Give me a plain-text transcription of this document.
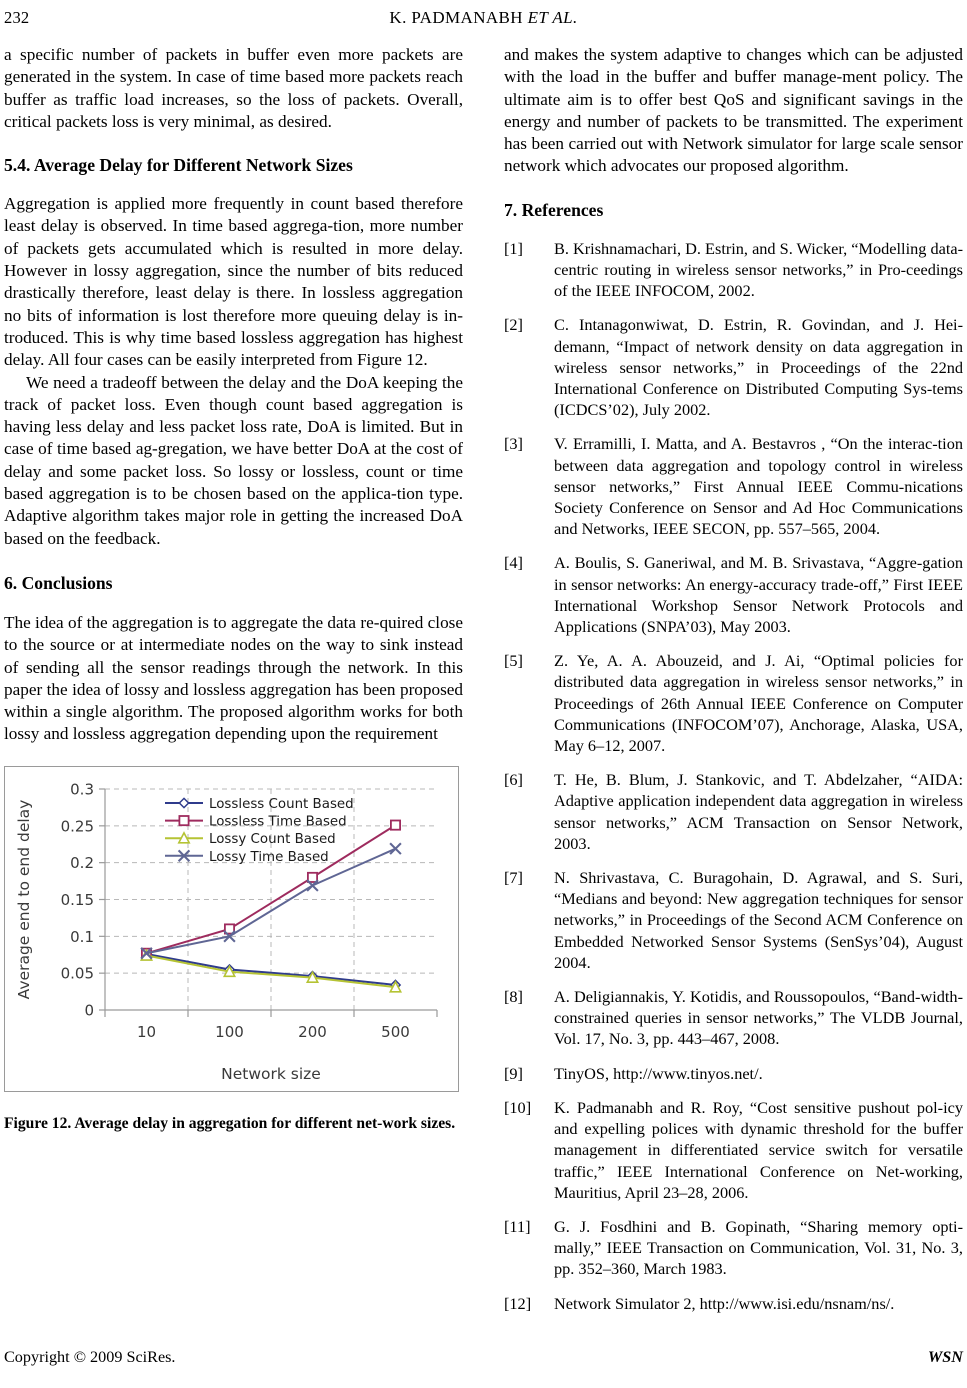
232	K. PADMANABH ET AL.

a specific number of packets in buffer even more packets are generated in the system. In case of time based more packets reach buffer as traffic load increases, so the loss of packets. Overall, critical packets loss is very minimal, as desired.

5.4. Average Delay for Different Network Sizes

Aggregation is applied more frequently in count based therefore least delay is observed. In time based aggrega-tion, more number of packets gets accumulated which is resulted in more delay. However in lossy aggregation, since the number of bits reduced drastically therefore, least delay is there. In lossless aggregation no bits of information is lost therefore more queuing delay is in-troduced. This is why time based lossless aggregation has highest delay. All four cases can be easily interpreted from Figure 12.

We need a tradeoff between the delay and the DoA keeping the track of packet loss. Even though count based aggregation is having less delay and less packet loss rate, DoA is limited. But in case of time based ag-gregation, we have better DoA at the cost of delay and some packet loss. So lossy or lossless, count or time based aggregation is to be chosen based on the applica-tion type. Adaptive algorithm takes major role in getting the increased DoA based on the feedback.

6. Conclusions

The idea of the aggregation is to aggregate the data re-quired close to the source or at intermediate nodes on the way to sink instead of sending all the sensor readings through the network. In this paper the idea of lossy and lossless aggregation has been proposed within a single algorithm. The proposed algorithm works for both lossy and lossless aggregation depending upon the requirement

0
0.05
0.1
0.15
0.2
0.25
0.3
10	100	200	500
Network size
Average end to end delay	Lossless Count Based
Lossless Time Based
Lossy Count Based
Lossy Time Based
Figure 12. Average delay in aggregation for different net-work sizes.

and makes the system adaptive to changes which can be adjusted with the load in the buffer and buffer manage-ment policy. The ultimate aim is to offer best QoS and significant savings in the energy and number of packets to be transmitted. The experiment has been carried out with Network simulator for large scale sensor network which advocates our proposed algorithm.

7. References
[1]	B. Krishnamachari, D. Estrin, and S. Wicker, “Modelling data-centric routing in wireless sensor networks,” in Pro-ceedings of the IEEE INFOCOM, 2002.
[2]	C. Intanagonwiwat, D. Estrin, R. Govindan, and J. Hei-demann, “Impact of network density on data aggregation in wireless sensor networks,” in Proceedings of the 22nd International Conference on Distributed Computing Sys-tems (ICDCS’02), July 2002.
[3]	V. Erramilli, I. Matta, and A. Bestavros , “On the interac-tion between data aggregation and topology control in wireless sensor networks,” First Annual IEEE Commu-nications Society Conference on Sensor and Ad Hoc Communications and Networks, IEEE SECON, pp. 557–565, 2004.
[4]	A. Boulis, S. Ganeriwal, and M. B. Srivastava, “Aggre-gation in sensor networks: An energy-accuracy trade-off,” First IEEE International Workshop Sensor Network Protocols and Applications (SNPA’03), May 2003.
[5]	Z. Ye, A. A. Abouzeid, and J. Ai, “Optimal policies for distributed data aggregation in wireless sensor networks,” in Proceedings of 26th Annual IEEE Conference on Computer Communications (INFOCOM’07), Anchorage, Alaska, USA, May 6–12, 2007.
[6]	T. He, B. Blum, J. Stankovic, and T. Abdelzaher, “AIDA: Adaptive application independent data aggregation in wireless sensor networks,” ACM Transaction on Sensor Network, 2003.
[7]	N. Shrivastava, C. Buragohain, D. Agrawal, and S. Suri, “Medians and beyond: New aggregation techniques for sensor networks,” in Proceedings of the Second ACM Conference on Embedded Networked Sensor Systems (SenSys’04), August 2004.
[8]	A. Deligiannakis, Y. Kotidis, and Roussopoulos, “Band-width-constrained queries in sensor networks,” The VLDB Journal, Vol. 17, No. 3, pp. 443–467, 2008.
[9]	TinyOS, http://www.tinyos.net/.
[10]	K. Padmanabh and R. Roy, “Cost sensitive pushout pol-icy and expelling polices with dynamic threshold for the buffer management in differentiated service switch for versatile traffic,” IEEE International Conference on Net-working, Mauritius, April 23–28, 2006.
[11]	G. J. Fosdhini and B. Gopinath, “Sharing memory opti-mally,” IEEE Transaction on Communication, Vol. 31, No. 3, pp. 352–360, March 1983.
[12]	Network Simulator 2, http://www.isi.edu/nsnam/ns/.
Copyright © 2009 SciRes.	WSN
